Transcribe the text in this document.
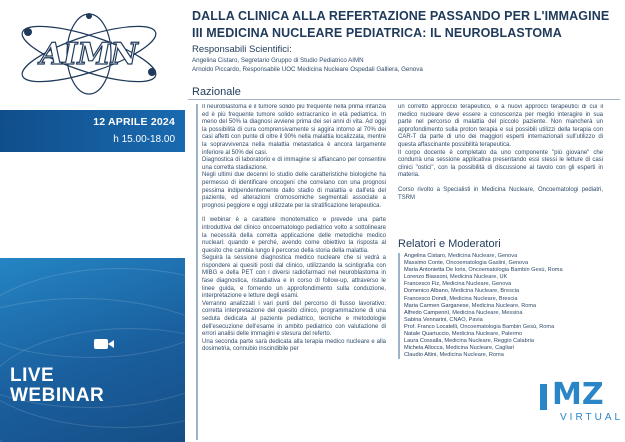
AIMN
12 APRILE 2024
h 15.00-18.00
LIVE
WEBINAR
DALLA CLINICA ALLA REFERTAZIONE PASSANDO PER L'IMMAGINE III MEDICINA NUCLEARE PEDIATRICA: IL NEUROBLASTOMA
Responsabili Scientifici:
Angelina Cistaro, Segretario Gruppo di Studio Pediatrico AIMN
Arnoldo Piccardo, Responsabile UOC Medicina Nucleare Ospedali Galliera, Genova
Razionale

Il neuroblastoma è il tumore solido più frequente nella prima infanzia ed è più frequente tumore solido extracranico in età pediatrica. In meno del 50% la diagnosi avviene prima dei sei anni di vita. Ad oggi la possibilità di cura comprensivamente si aggira intorno al 70% dei casi affetti con punte di oltre il 90% nella malattia localizzata, mentre la sopravvivenza nella malattia metastatica è ancora largamente inferiore al 50% dei casi.

Diagnostica di laboratorio e di immagine si affiancano per consentire una corretta stadiazione.

Negli ultimi due decenni lo studio delle caratteristiche biologiche ha permesso di identificare oncogeni che correlano con una prognosi pessima indipendentemente dallo stadio di malattia e dall'età del paziente, ed alterazioni cromosomiche segmentali associate a prognosi peggiore e oggi utilizzate per la stratificazione terapeutica.

Il webinar è a carattere monotematico e prevede una parte introduttiva del clinico oncoematologo pediatrico volto a sottolineare la necessità della corretta applicazione delle metodiche medico nucleari: quando e perché, avendo come obiettivo la risposta al quesito che cambia lungo il percorso della storia della malattia.

Seguirà la sessione diagnostica medico nucleare che si vedrà a rispondere ai quesiti posti dal clinico, utilizzando la scintigrafia con MIBG e della PET con i diversi radiofarmaci nel neuroblastoma in fase diagnostica, ristadiativa e in corso di follow-up, attraverso le linee guida, e fornendo un approfondimento sulla conduzione, interpretazione e letture degli esami.

Verranno analizzati i vari punti del percorso di flusso lavorativo: corretta interpretazione del quesito clinico, programmazione di una seduta dedicata al paziente pediatrico, tecniche e metodologie dell'esecuzione dell'esame in ambito pediatrico con valutazione di errori analisi delle immagini e stesura del referto.

Una seconda parte sarà dedicata alla terapia medico nucleare e alla dosimetria, connubio inscindibile per

un corretto approccio terapeutico, e a nuovi approcci terapeutici di cui il medico nucleare deve essere a conoscenza per meglio interagire in sua parte nel percorso di malattia del piccolo paziente. Non mancherà un approfondimento sulla proton terapia e sui possibili utilizzi della terapia con CAR-T da parte di uno dei maggiori esperti internazionali sull'utilizzo di questa affascinante possibilità terapeutica.

Il corpo docente è completato da uno componente "più giovane" che condurrà una sessione applicativa presentando essi stessi le letture di casi clinici "ostici", con la possibilità di discussione al tavolo con gli esperti in materia.

Corso rivolto a Specialisti in Medicina Nucleare, Oncoematologi pediatri, TSRM

Relatori e Moderatori
Angelina Cistaro, Medicina Nucleare, Genova
Massimo Conte, Oncoematologia Gaslini, Genova
Maria Antonietta De Ioris, Oncoematologia Bambin Gesù, Roma
Lorenzo Biassoni, Medicina Nucleare, UK
Francesco Fiz, Medicina Nucleare, Genova
Domenico Albano, Medicina Nucleare, Brescia
Francesco Dondi, Medicina Nucleare, Brescia
Maria Carmen Garganese, Medicina Nucleare, Roma
Alfredo Campennì, Medicina Nucleare, Messina
Sabina Vennarini, CNAO, Pavia
Prof. Franco Locatelli, Oncoematologia Bambin Gesù, Roma
Natale Quartuccio, Medicina Nucleare, Palermo
Laura Cossalla, Medicina Nucleare, Reggio Calabria
Michela Allocca, Medicina Nucleare, Cagliari
Claudio Altini, Medicina Nucleare, Roma
MZ
VIRTUAL
